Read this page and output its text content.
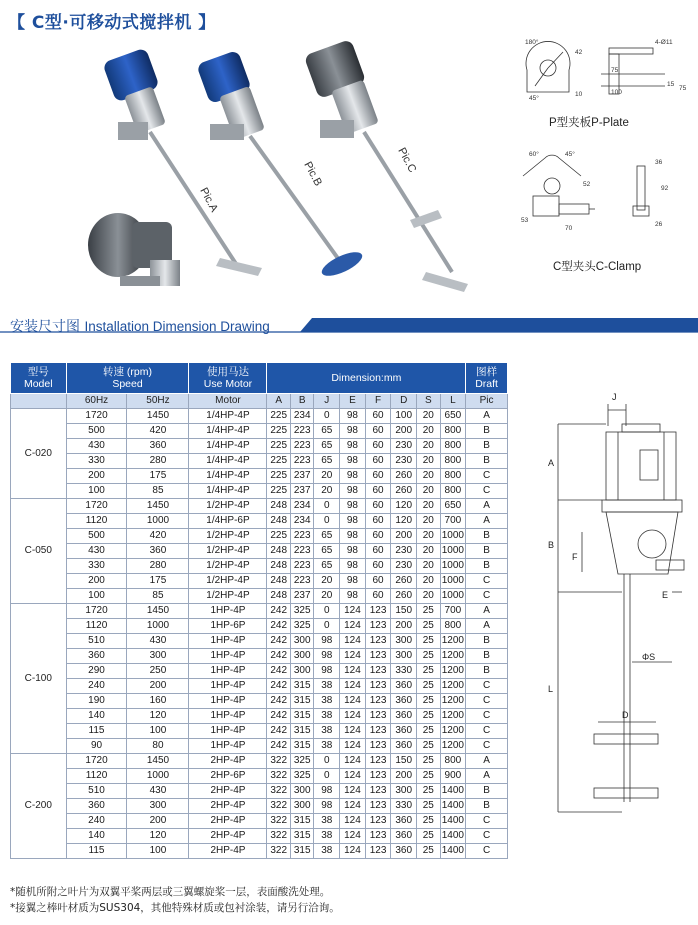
【 C型·可移动式搅拌机 】
Pic.A
Pic.B	Pic.C
180°
42
10
45°
4-Ø11
75
100
15
75
P型夹板P-Plate
60°	45°
52
53
70
36
92
26
C型夹头C-Clamp
安装尺寸图 Installation Dimension Drawing
型号
Model	转速 (rpm)
Speed		使用马达
Use Motor	Dimension:mm								图样
Draft
	60Hz	50Hz	Motor	A	B	J	E	F	D	S	L	Pic
C-020	1720	1450	1/4HP-4P	225	234	0	98	60	100	20	650	A
	500	420	1/4HP-4P	225	223	65	98	60	200	20	800	B
	430	360	1/4HP-4P	225	223	65	98	60	230	20	800	B
	330	280	1/4HP-4P	225	223	65	98	60	230	20	800	B
	200	175	1/4HP-4P	225	237	20	98	60	260	20	800	C
	100	85	1/4HP-4P	225	237	20	98	60	260	20	800	C
C-050	1720	1450	1/2HP-4P	248	234	0	98	60	120	20	650	A
	1120	1000	1/4HP-6P	248	234	0	98	60	120	20	700	A
	500	420	1/2HP-4P	225	223	65	98	60	200	20	1000	B
	430	360	1/2HP-4P	248	223	65	98	60	230	20	1000	B
	330	280	1/2HP-4P	248	223	65	98	60	230	20	1000	B
	200	175	1/2HP-4P	248	223	20	98	60	260	20	1000	C
	100	85	1/2HP-4P	248	237	20	98	60	260	20	1000	C
C-100	1720	1450	1HP-4P	242	325	0	124	123	150	25	700	A
	1120	1000	1HP-6P	242	325	0	124	123	200	25	800	A
	510	430	1HP-4P	242	300	98	124	123	300	25	1200	B
	360	300	1HP-4P	242	300	98	124	123	300	25	1200	B
	290	250	1HP-4P	242	300	98	124	123	330	25	1200	B
	240	200	1HP-4P	242	315	38	124	123	360	25	1200	C
	190	160	1HP-4P	242	315	38	124	123	360	25	1200	C
	140	120	1HP-4P	242	315	38	124	123	360	25	1200	C
	115	100	1HP-4P	242	315	38	124	123	360	25	1200	C
	90	80	1HP-4P	242	315	38	124	123	360	25	1200	C
C-200	1720	1450	2HP-4P	322	325	0	124	123	150	25	800	A
	1120	1000	2HP-6P	322	325	0	124	123	200	25	900	A
	510	430	2HP-4P	322	300	98	124	123	300	25	1400	B
	360	300	2HP-4P	322	300	98	124	123	330	25	1400	B
	240	200	2HP-4P	322	315	38	124	123	360	25	1400	C
	140	120	2HP-4P	322	315	38	124	123	360	25	1400	C
	115	100	2HP-4P	322	315	38	124	123	360	25	1400	C
J
A
B
F
E
ΦS
L
D
*随机所附之叶片为双翼平桨两层或三翼螺旋桨一层，表面酸洗处理。
*接翼之棒叶材质为SUS304，其他特殊材质或包衬涂装，请另行洽询。
